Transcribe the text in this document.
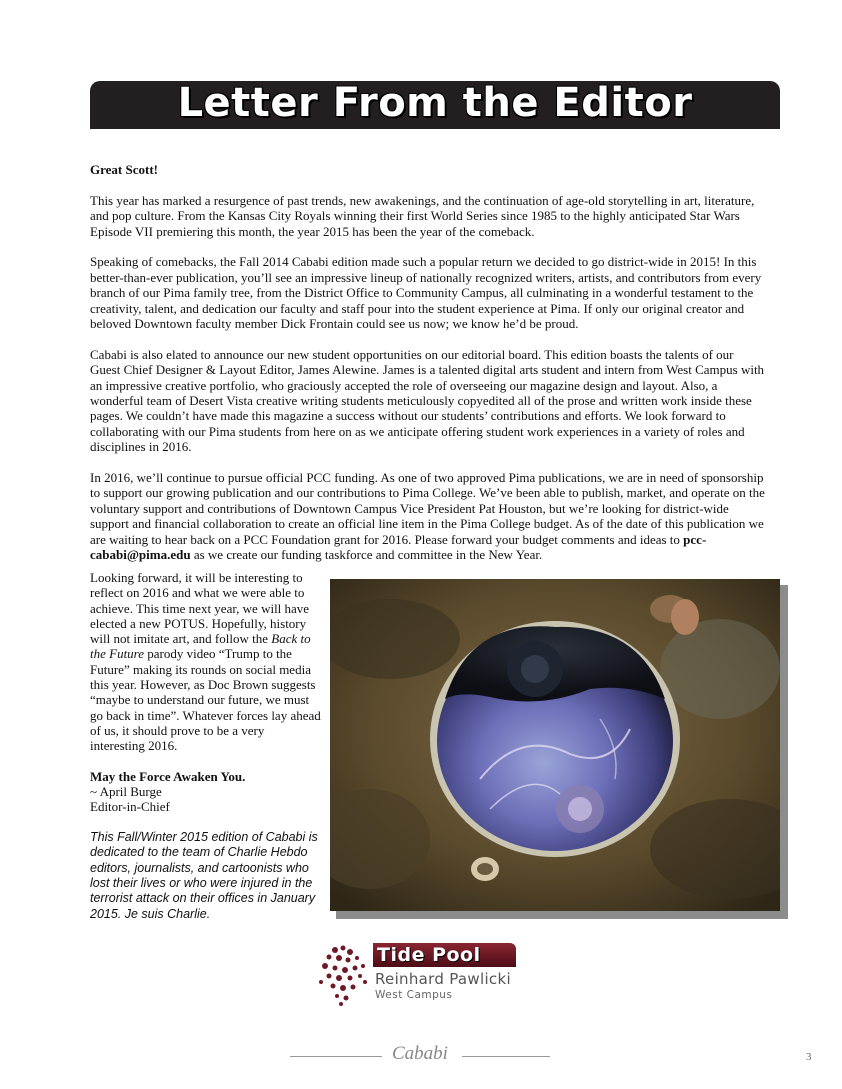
Letter From the Editor

Great Scott!

This year has marked a resurgence of past trends, new awakenings, and the continuation of age-old storytelling in art, literature, and pop culture. From the Kansas City Royals winning their first World Series since 1985 to the highly anticipated Star Wars Episode VII premiering this month, the year 2015 has been the year of the comeback.

Speaking of comebacks, the Fall 2014 Cababi edition made such a popular return we decided to go district-wide in 2015! In this better-than-ever publication, you’ll see an impressive lineup of nationally recognized writers, artists, and contributors from every branch of our Pima family tree, from the District Office to Community Campus, all culminating in a wonderful testament to the creativity, talent, and dedication our faculty and staff pour into the student experience at Pima. If only our original creator and beloved Downtown faculty member Dick Frontain could see us now; we know he’d be proud.

Cababi is also elated to announce our new student opportunities on our editorial board. This edition boasts the talents of our Guest Chief Designer & Layout Editor, James Alewine. James is a talented digital arts student and intern from West Campus with an impressive creative portfolio, who graciously accepted the role of overseeing our magazine design and layout. Also, a wonderful team of Desert Vista creative writing students meticulously copyedited all of the prose and written work inside these pages. We couldn’t have made this magazine a success without our students’ contributions and efforts. We look forward to collaborating with our Pima students from here on as we anticipate offering student work experiences in a variety of roles and disciplines in 2016.

In 2016, we’ll continue to pursue official PCC funding. As one of two approved Pima publications, we are in need of sponsorship to support our growing publication and our contributions to Pima College. We’ve been able to publish, market, and operate on the voluntary support and contributions of Downtown Campus Vice President Pat Houston, but we’re looking for district-wide support and financial collaboration to create an official line item in the Pima College budget. As of the date of this publication we are waiting to hear back on a PCC Foundation grant for 2016. Please forward your budget comments and ideas to pcc-cababi@pima.edu as we create our funding taskforce and committee in the New Year.

Looking forward, it will be interesting to reflect on 2016 and what we were able to achieve. This time next year, we will have elected a new POTUS. Hopefully, history will not imitate art, and follow the Back to the Future parody video “Trump to the Future” making its rounds on social media this year. However, as Doc Brown suggests “maybe to understand our future, we must go back in time”. Whatever forces lay ahead of us, it should prove to be a very interesting 2016.

May the Force Awaken You.
~ April Burge
Editor-in-Chief
This Fall/Winter 2015 edition of Cababi is dedicated to the team of Charlie Hebdo editors, journalists, and cartoonists who lost their lives or who were injured in the terrorist attack on their offices in January 2015. Je suis Charlie.
Tide Pool
Reinhard Pawlicki
West Campus
Cababi	3
